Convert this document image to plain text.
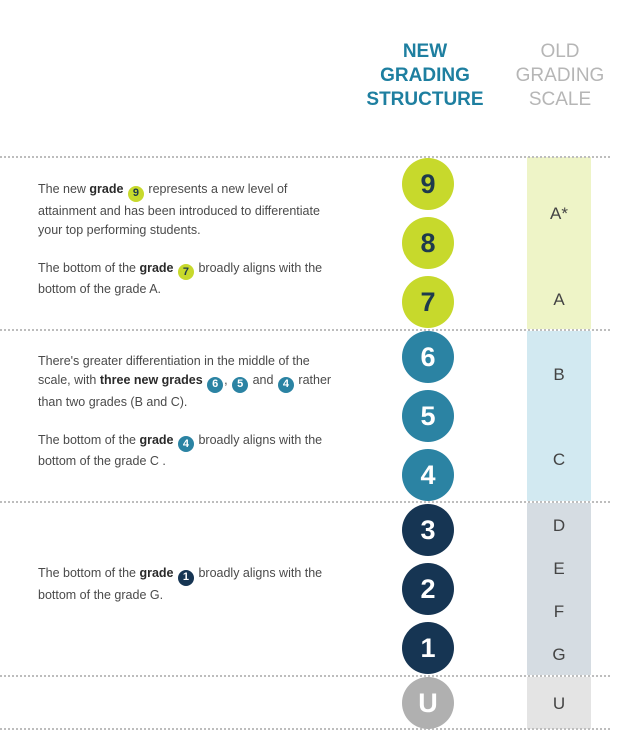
NEW
GRADING
STRUCTURE
OLD
GRADING
SCALE
A*
A
B
C
D
E
F
G
U
9
8
7
6
5
4
3
2
1
U

The new grade 9 represents a new level of attainment and has been introduced to differentiate your top performing students.

The bottom of the grade 7 broadly aligns with the bottom of the grade A.

There's greater differentiation in the middle of the scale, with three new grades 6 , 5 and 4 rather than two grades (B and C).

The bottom of the grade 4 broadly aligns with the bottom of the grade C .

The bottom of the grade 1 broadly aligns with the bottom of the grade G.
